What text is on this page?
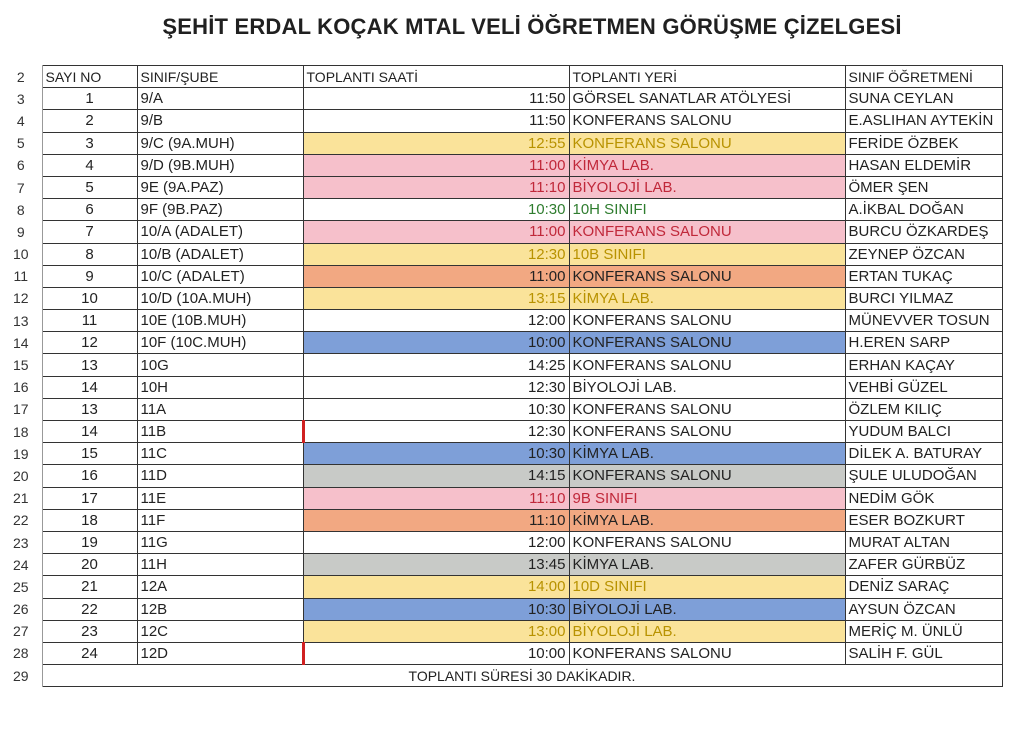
ŞEHİT ERDAL KOÇAK MTAL VELİ ÖĞRETMEN GÖRÜŞME ÇİZELGESİ
2	SAYI NO	SINIF/ŞUBE	TOPLANTI SAATİ	TOPLANTI YERİ	SINIF ÖĞRETMENİ
3	1	9/A	11:50	GÖRSEL SANATLAR ATÖLYESİ	SUNA CEYLAN
4	2	9/B	11:50	KONFERANS SALONU	E.ASLIHAN AYTEKİN
5	3	9/C (9A.MUH)	12:55	KONFERANS SALONU	FERİDE ÖZBEK
6	4	9/D (9B.MUH)	11:00	KİMYA LAB.	HASAN ELDEMİR
7	5	9E (9A.PAZ)	11:10	BİYOLOJİ LAB.	ÖMER ŞEN
8	6	9F (9B.PAZ)	10:30	10H SINIFI	A.İKBAL DOĞAN
9	7	10/A (ADALET)	11:00	KONFERANS SALONU	BURCU ÖZKARDEŞ
10	8	10/B (ADALET)	12:30	10B SINIFI	ZEYNEP ÖZCAN
11	9	10/C (ADALET)	11:00	KONFERANS SALONU	ERTAN TUKAÇ
12	10	10/D (10A.MUH)	13:15	KİMYA LAB.	BURCI YILMAZ
13	11	10E (10B.MUH)	12:00	KONFERANS SALONU	MÜNEVVER TOSUN
14	12	10F (10C.MUH)	10:00	KONFERANS SALONU	H.EREN SARP
15	13	10G	14:25	KONFERANS SALONU	ERHAN KAÇAY
16	14	10H	12:30	BİYOLOJİ LAB.	VEHBİ GÜZEL
17	13	11A	10:30	KONFERANS SALONU	ÖZLEM KILIÇ
18	14	11B	12:30	KONFERANS SALONU	YUDUM BALCI
19	15	11C	10:30	KİMYA LAB.	DİLEK A. BATURAY
20	16	11D	14:15	KONFERANS SALONU	ŞULE ULUDOĞAN
21	17	11E	11:10	9B SINIFI	NEDİM GÖK
22	18	11F	11:10	KİMYA LAB.	ESER BOZKURT
23	19	11G	12:00	KONFERANS SALONU	MURAT ALTAN
24	20	11H	13:45	KİMYA LAB.	ZAFER GÜRBÜZ
25	21	12A	14:00	10D SINIFI	DENİZ SARAÇ
26	22	12B	10:30	BİYOLOJİ LAB.	AYSUN ÖZCAN
27	23	12C	13:00	BİYOLOJİ LAB.	MERİÇ M. ÜNLÜ
28	24	12D	10:00	KONFERANS SALONU	SALİH F. GÜL
29	TOPLANTI SÜRESİ 30 DAKİKADIR.				
